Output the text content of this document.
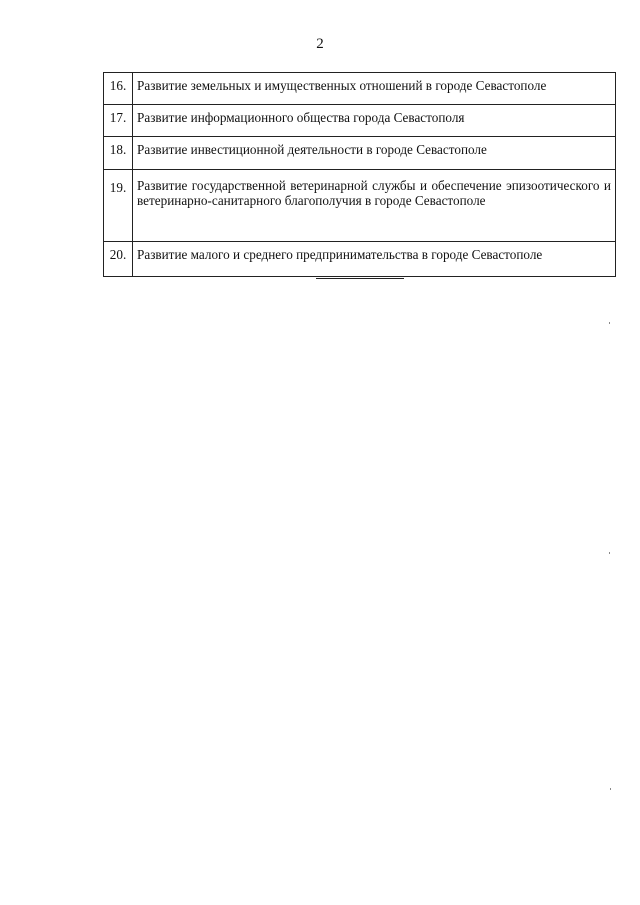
2
16.	Развитие земельных и имущественных отношений в городе Севастополе
17.	Развитие информационного общества города Севастополя
18.	Развитие инвестиционной деятельности в городе Севастополе
19.	Развитие государственной ветеринарной службы и обеспечение эпизоотического и ветеринарно-санитарного благополучия в городе Севастополе
20.	Развитие малого и среднего предпринимательства в городе Севастополе
